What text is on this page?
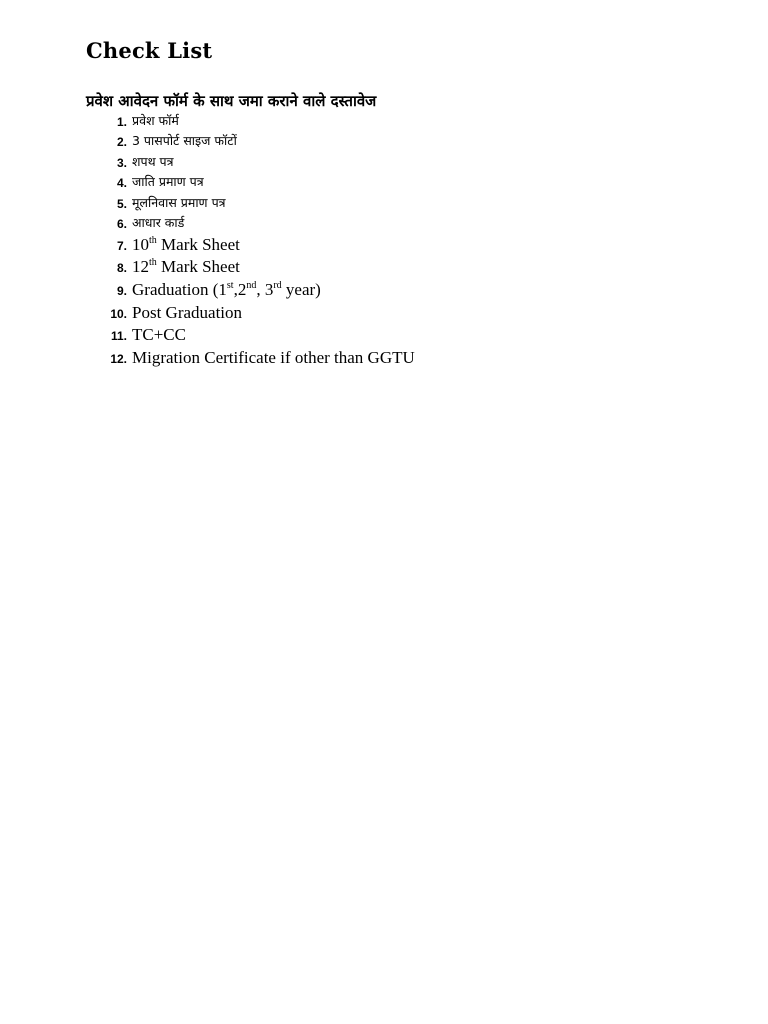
Check List
प्रवेश आवेदन फॉर्म के साथ जमा कराने वाले दस्तावेज
1. प्रवेश फॉर्म
2. 3 पासपोर्ट साइज फॉटों
3. शपथ पत्र
4. जाति प्रमाण पत्र
5. मूलनिवास प्रमाण पत्र
6. आधार कार्ड
7. 10th Mark Sheet
8. 12th Mark Sheet
9. Graduation (1st,2nd, 3rd year)
10. Post Graduation
11. TC+CC
12. Migration Certificate if other than GGTU
